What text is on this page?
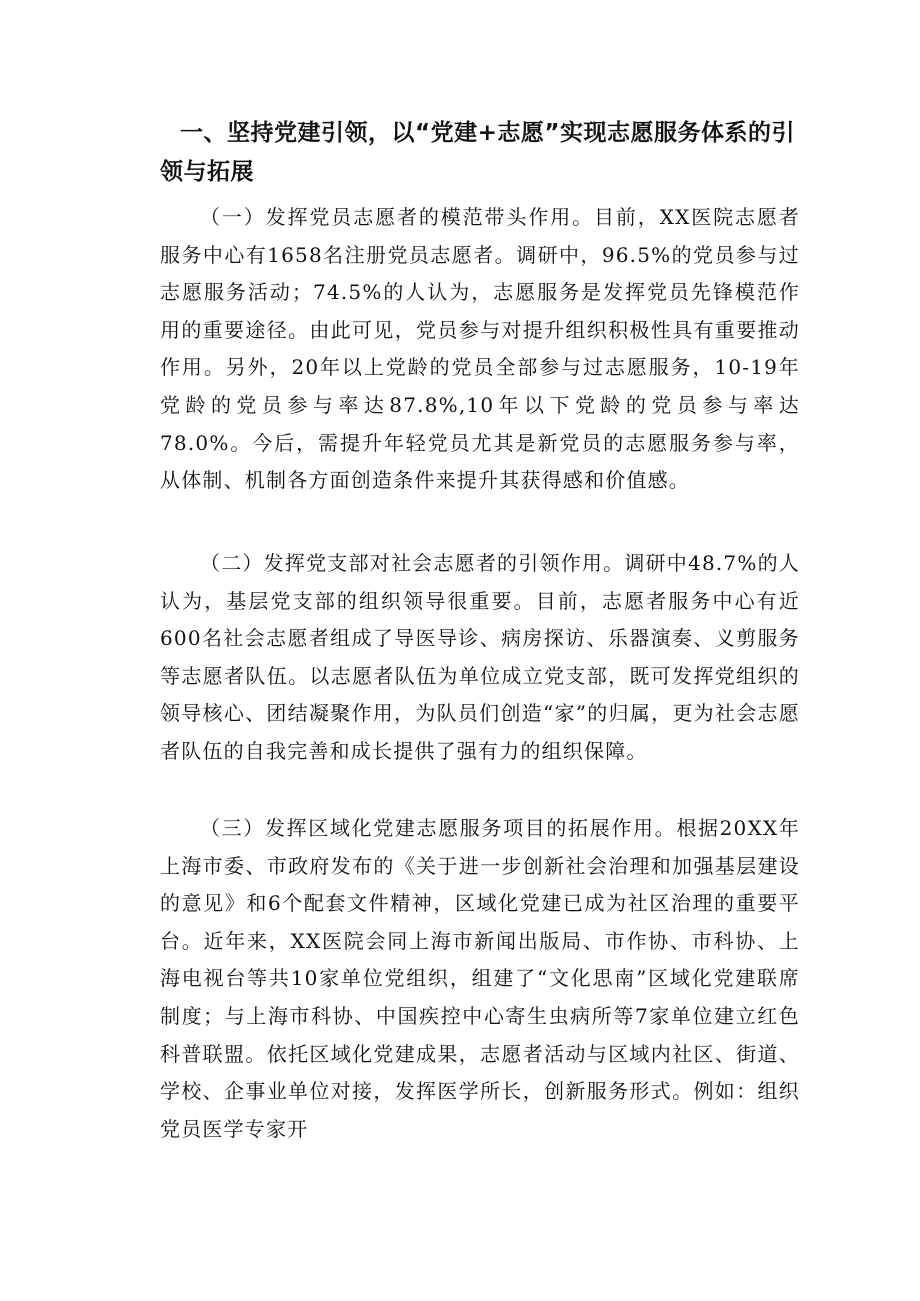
一、坚持党建引领，以“党建+志愿”实现志愿服务体系的引领与拓展

（一）发挥党员志愿者的模范带头作用。目前，XX医院志愿者服务中心有1658名注册党员志愿者。调研中，96.5%的党员参与过志愿服务活动；74.5%的人认为，志愿服务是发挥党员先锋模范作用的重要途径。由此可见，党员参与对提升组织积极性具有重要推动作用。另外，20年以上党龄的党员全部参与过志愿服务，10-19年党龄的党员参与率达87.8%,10年以下党龄的党员参与率达78.0%。今后，需提升年轻党员尤其是新党员的志愿服务参与率，从体制、机制各方面创造条件来提升其获得感和价值感。

（二）发挥党支部对社会志愿者的引领作用。调研中48.7%的人认为，基层党支部的组织领导很重要。目前，志愿者服务中心有近600名社会志愿者组成了导医导诊、病房探访、乐器演奏、义剪服务等志愿者队伍。以志愿者队伍为单位成立党支部，既可发挥党组织的领导核心、团结凝聚作用，为队员们创造“家”的归属，更为社会志愿者队伍的自我完善和成长提供了强有力的组织保障。

（三）发挥区域化党建志愿服务项目的拓展作用。根据20XX年上海市委、市政府发布的《关于进一步创新社会治理和加强基层建设的意见》和6个配套文件精神，区域化党建已成为社区治理的重要平台。近年来，XX医院会同上海市新闻出版局、市作协、市科协、上海电视台等共10家单位党组织，组建了“文化思南”区域化党建联席制度；与上海市科协、中国疾控中心寄生虫病所等7家单位建立红色科普联盟。依托区域化党建成果，志愿者活动与区域内社区、街道、学校、企事业单位对接，发挥医学所长，创新服务形式。例如：组织党员医学专家开
